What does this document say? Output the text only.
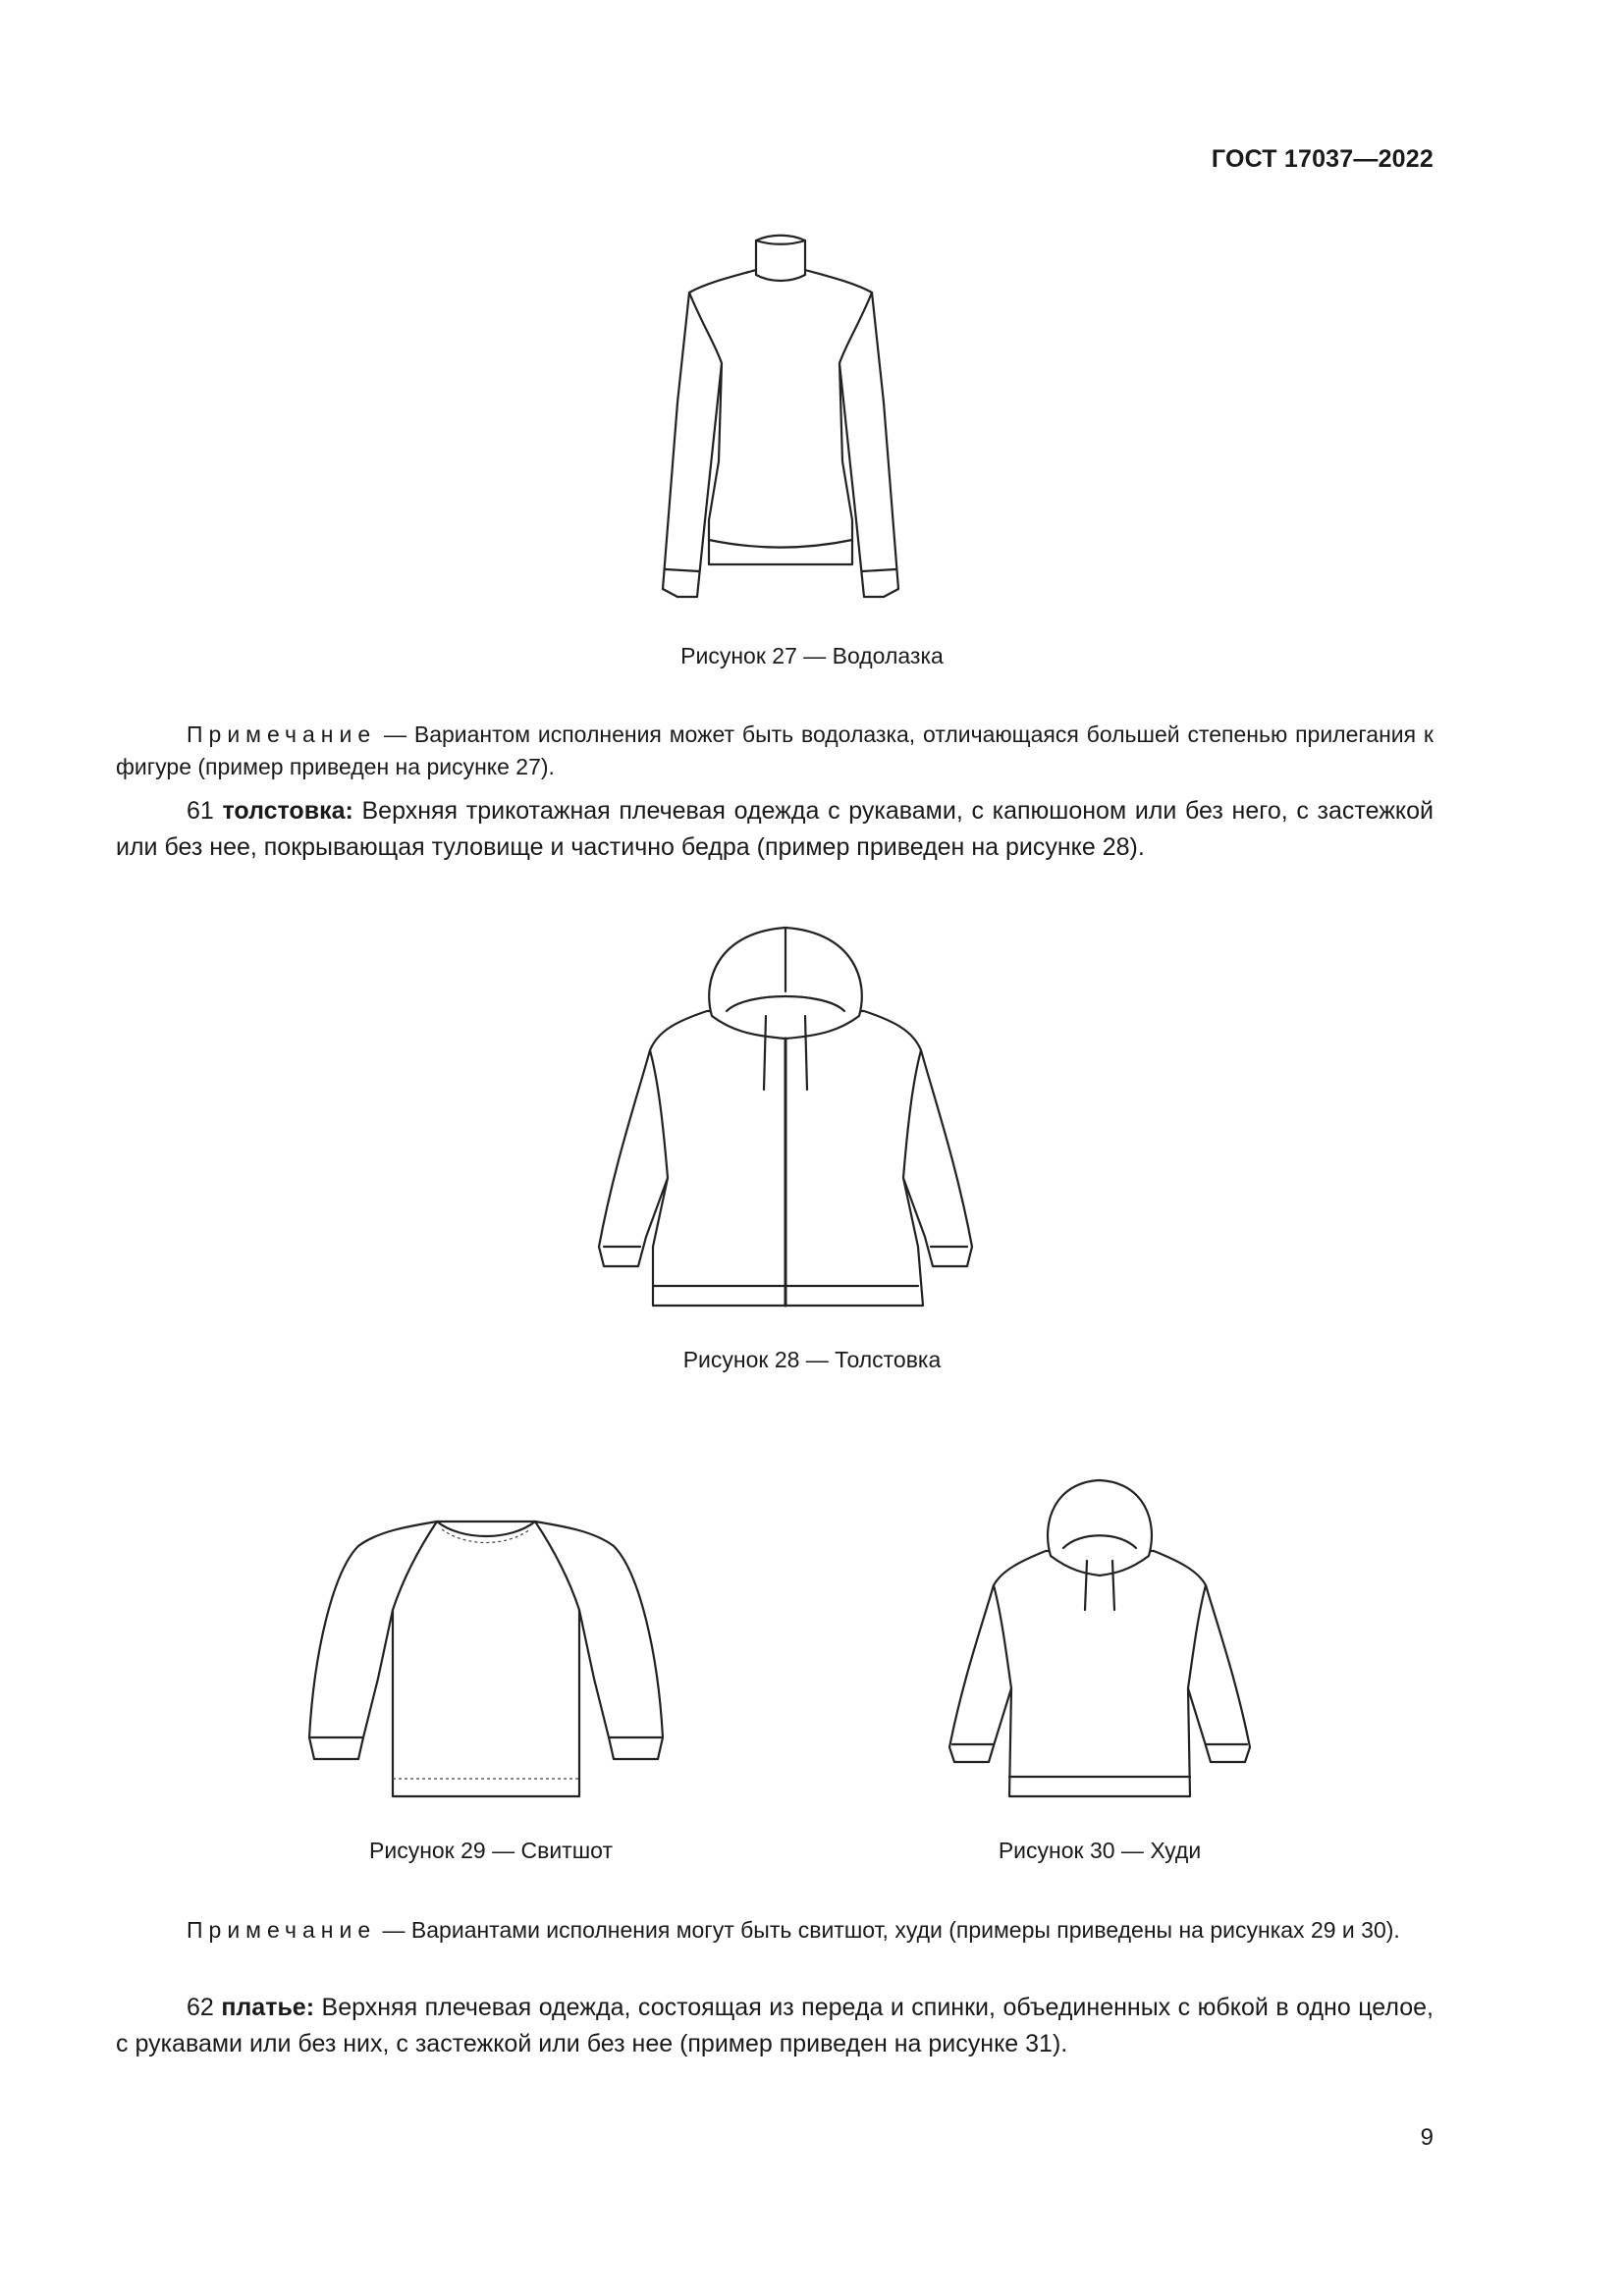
ГОСТ 17037—2022
Рисунок 27 — Водолазка
Примечание — Вариантом исполнения может быть водолазка, отличающаяся большей степенью прилегания к фигуре (пример приведен на рисунке 27).
61 толстовка: Верхняя трикотажная плечевая одежда с рукавами, с капюшоном или без него, с застежкой или без нее, покрывающая туловище и частично бедра (пример приведен на рисунке 28).
Рисунок 28 — Толстовка
Рисунок 29 — Свитшот	Рисунок 30 — Худи
Примечание — Вариантами исполнения могут быть свитшот, худи (примеры приведены на рисунках 29 и 30).
62 платье: Верхняя плечевая одежда, состоящая из переда и спинки, объединенных с юбкой в одно целое, с рукавами или без них, с застежкой или без нее (пример приведен на рисунке 31).
9
